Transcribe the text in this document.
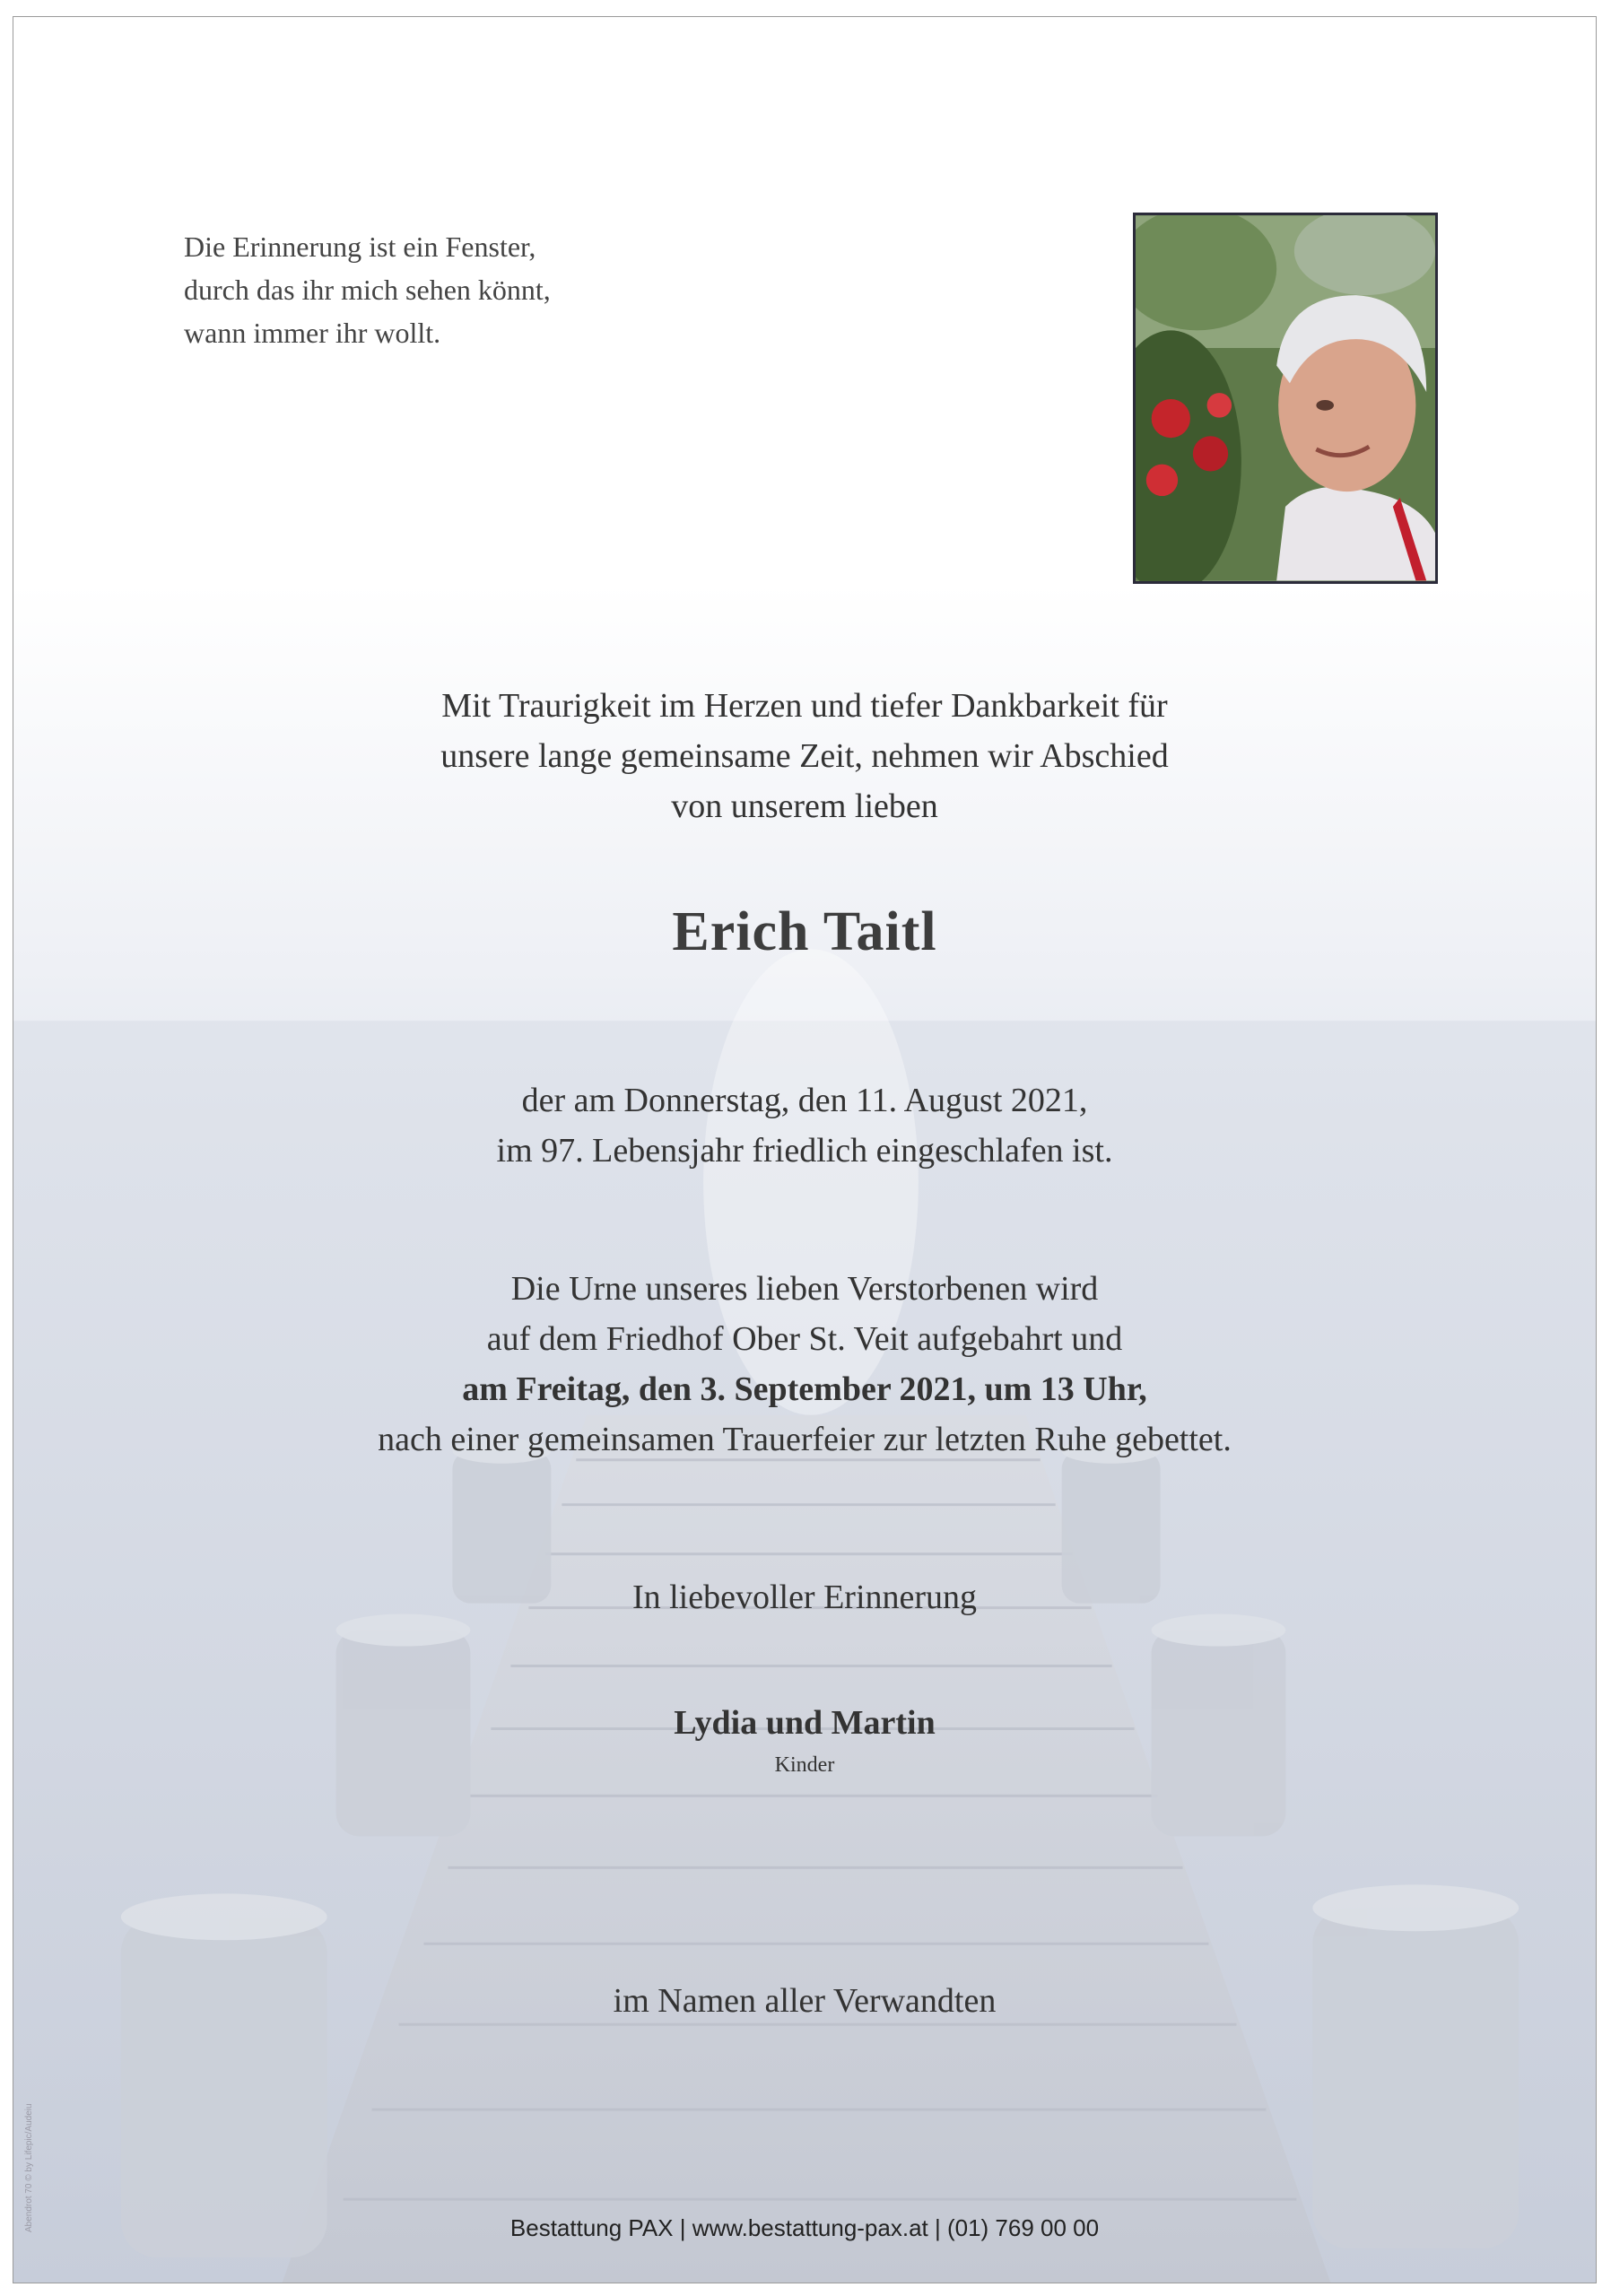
Die Erinnerung ist ein Fenster,
durch das ihr mich sehen könnt,
wann immer ihr wollt.
Mit Traurigkeit im Herzen und tiefer Dankbarkeit für
unsere lange gemeinsame Zeit, nehmen wir Abschied
von unserem lieben
Erich Taitl
der am Donnerstag, den 11. August 2021,
im 97. Lebensjahr friedlich eingeschlafen ist.
Die Urne unseres lieben Verstorbenen wird
auf dem Friedhof Ober St. Veit aufgebahrt und
am Freitag, den 3. September 2021, um 13 Uhr,
nach einer gemeinsamen Trauerfeier zur letzten Ruhe gebettet.
In liebevoller Erinnerung
Lydia und Martin
Kinder
im Namen aller Verwandten
Bestattung PAX | www.bestattung-pax.at | (01) 769 00 00
Abendrot 70 © by Lifepic/Audeiu
